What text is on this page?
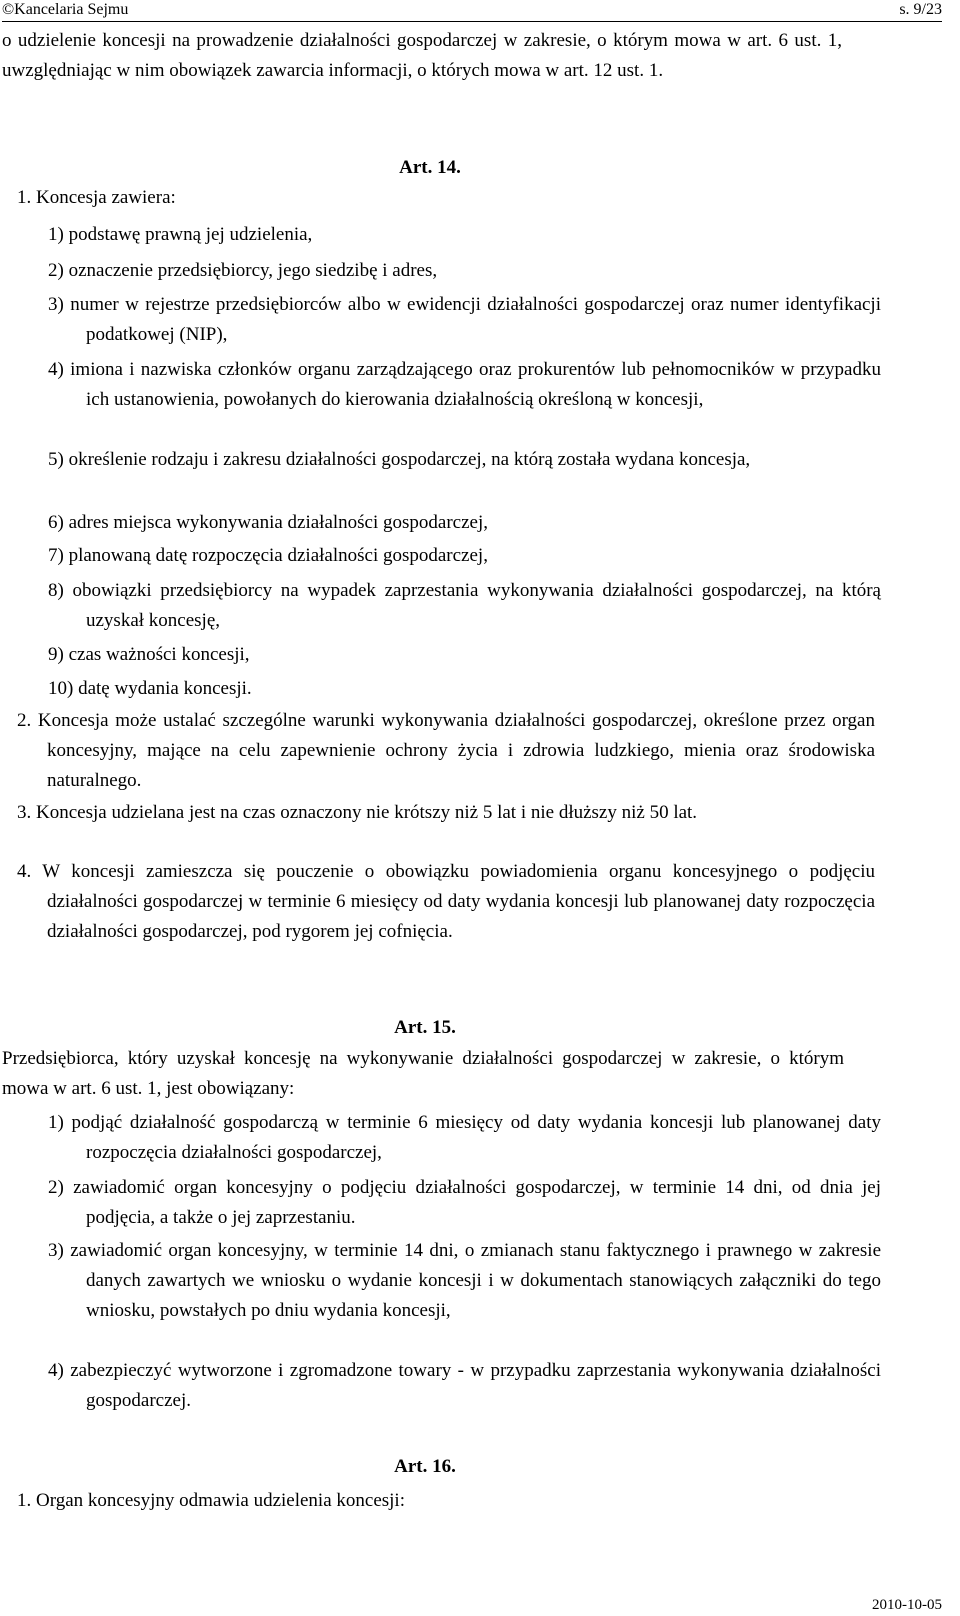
©Kancelaria Sejmu	s. 9/23

o udzielenie koncesji na prowadzenie działalności gospodarczej w zakresie, o którym mowa w art. 6 ust. 1, uwzględniając w nim obowiązek zawarcia informacji, o których mowa w art. 12 ust. 1.

Art. 14.

1. Koncesja zawiera:

1) podstawę prawną jej udzielenia,

2) oznaczenie przedsiębiorcy, jego siedzibę i adres,

3) numer w rejestrze przedsiębiorców albo w ewidencji działalności gospodarczej oraz numer identyfikacji podatkowej (NIP),

4) imiona i nazwiska członków organu zarządzającego oraz prokurentów lub pełnomocników w przypadku ich ustanowienia, powołanych do kierowania działalnością określoną w koncesji,

5) określenie rodzaju i zakresu działalności gospodarczej, na którą została wydana koncesja,

6) adres miejsca wykonywania działalności gospodarczej,

7) planowaną datę rozpoczęcia działalności gospodarczej,

8) obowiązki przedsiębiorcy na wypadek zaprzestania wykonywania działalności gospodarczej, na którą uzyskał koncesję,

9) czas ważności koncesji,

10) datę wydania koncesji.

2. Koncesja może ustalać szczególne warunki wykonywania działalności gospodarczej, określone przez organ koncesyjny, mające na celu zapewnienie ochrony życia i zdrowia ludzkiego, mienia oraz środowiska naturalnego.

3. Koncesja udzielana jest na czas oznaczony nie krótszy niż 5 lat i nie dłuższy niż 50 lat.

4. W koncesji zamieszcza się pouczenie o obowiązku powiadomienia organu koncesyjnego o podjęciu działalności gospodarczej w terminie 6 miesięcy od daty wydania koncesji lub planowanej daty rozpoczęcia działalności gospodarczej, pod rygorem jej cofnięcia.

Art. 15.

Przedsiębiorca, który uzyskał koncesję na wykonywanie działalności gospodarczej w zakresie, o którym mowa w art. 6 ust. 1, jest obowiązany:

1) podjąć działalność gospodarczą w terminie 6 miesięcy od daty wydania koncesji lub planowanej daty rozpoczęcia działalności gospodarczej,

2) zawiadomić organ koncesyjny o podjęciu działalności gospodarczej, w terminie 14 dni, od dnia jej podjęcia, a także o jej zaprzestaniu.

3) zawiadomić organ koncesyjny, w terminie 14 dni, o zmianach stanu faktycznego i prawnego w zakresie danych zawartych we wniosku o wydanie koncesji i w dokumentach stanowiących załączniki do tego wniosku, powstałych po dniu wydania koncesji,

4) zabezpieczyć wytworzone i zgromadzone towary - w przypadku zaprzestania wykonywania działalności gospodarczej.

Art. 16.

1. Organ koncesyjny odmawia udzielenia koncesji:

2010-10-05
